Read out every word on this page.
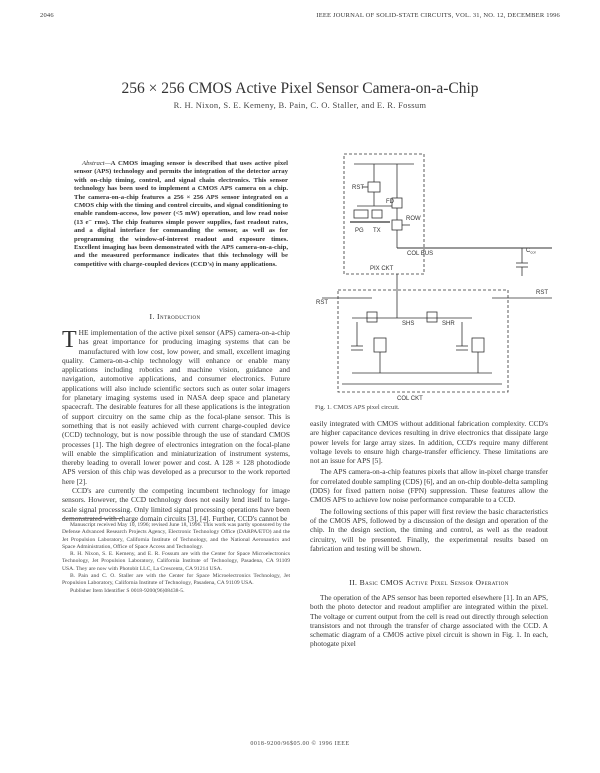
2046	IEEE JOURNAL OF SOLID-STATE CIRCUITS, VOL. 31, NO. 12, DECEMBER 1996
256 × 256 CMOS Active Pixel Sensor Camera-on-a-Chip
R. H. Nixon, S. E. Kemeny, B. Pain, C. O. Staller, and E. R. Fossum

Abstract—A CMOS imaging sensor is described that uses active pixel sensor (APS) technology and permits the integration of the detector array with on-chip timing, control, and signal chain electronics. This sensor technology has been used to implement a CMOS APS camera on a chip. The camera-on-a-chip features a 256 × 256 APS sensor integrated on a CMOS chip with the timing and control circuits, and signal conditioning to enable random-access, low power (<5 mW) operation, and low read noise (13 e⁻ rms). The chip features simple power supplies, fast readout rates, and a digital interface for commanding the sensor, as well as for programming the window-of-interest readout and exposure times. Excellent imaging has been demonstrated with the APS camera-on-a-chip, and the measured performance indicates that this technology will be competitive with charge-coupled devices (CCD's) in many applications.

I. Introduction

THE implementation of the active pixel sensor (APS) camera-on-a-chip has great importance for producing imaging systems that can be manufactured with low cost, low power, and small, excellent imaging quality. Camera-on-a-chip technology will enhance or enable many applications including robotics and machine vision, guidance and navigation, automotive applications, and consumer electronics. Future applications will also include scientific sectors such as outer solar imagers for planetary imaging systems used in NASA deep space and planetary spacecraft. The desirable features for all these applications is the integration of support circuitry on the same chip as the focal-plane sensor. This is something that is not easily achieved with current charge-coupled device (CCD) technology, but is now possible through the use of standard CMOS processes [1]. The high degree of electronics integration on the focal-plane will enable the simplification and miniaturization of instrument systems, thereby leading to overall lower power and cost. A 128 × 128 photodiode APS version of this chip was developed as a precursor to the work reported here [2].

CCD's are currently the competing incumbent technology for image sensors. However, the CCD technology does not easily lend itself to large-scale signal processing. Only limited signal processing operations have been demonstrated with charge domain circuits [3], [4]. Further, CCD's cannot be

Manuscript received May 10, 1996; revised June 18, 1996. This work was partly sponsored by the Defense Advanced Research Projects Agency, Electronic Technology Office (DARPA/ETO) and the Jet Propulsion Laboratory, California Institute of Technology, and the National Aeronautics and Space Administration, Office of Space Access and Technology.

R. H. Nixon, S. E. Kemeny, and E. R. Fossum are with the Center for Space Microelectronics Technology, Jet Propulsion Laboratory, California Institute of Technology, Pasadena, CA 91109 USA. They are now with Photobit LLC, La Crescenta, CA 91214 USA.

B. Pain and C. O. Staller are with the Center for Space Microelectronics Technology, Jet Propulsion Laboratory, California Institute of Technology, Pasadena, CA 91109 USA.

Publisher Item Identifier S 0018-9200(96)08438-5.

RST
PG TX
ROW
FD
COL BUS
PIX CKT
$C_{col}$
RST
RST
SHS	SHR
COL CKT
Fig. 1. CMOS APS pixel circuit.

easily integrated with CMOS without additional fabrication complexity. CCD's are higher capacitance devices resulting in drive electronics that dissipate large power levels for large array sizes. In addition, CCD's require many different voltage levels to ensure high charge-transfer efficiency. These limitations are not an issue for APS [5].

The APS camera-on-a-chip features pixels that allow in-pixel charge transfer for correlated double sampling (CDS) [6], and an on-chip double-delta sampling (DDS) for fixed pattern noise (FPN) suppression. These features allow the CMOS APS to achieve low noise performance comparable to a CCD.

The following sections of this paper will first review the basic characteristics of the CMOS APS, followed by a discussion of the design and operation of the chip. In the design section, the timing and control, as well as the readout circuitry, will be presented. Finally, the experimental results based on fabrication and testing will be shown.

II. Basic CMOS Active Pixel Sensor Operation

The operation of the APS sensor has been reported elsewhere [1]. In an APS, both the photo detector and readout amplifier are integrated within the pixel. The voltage or current output from the cell is read out directly through selection transistors and not through the transfer of charge associated with the CCD. A schematic diagram of a CMOS active pixel circuit is shown in Fig. 1. In each, photogate pixel

0018-9200/96$05.00 © 1996 IEEE
